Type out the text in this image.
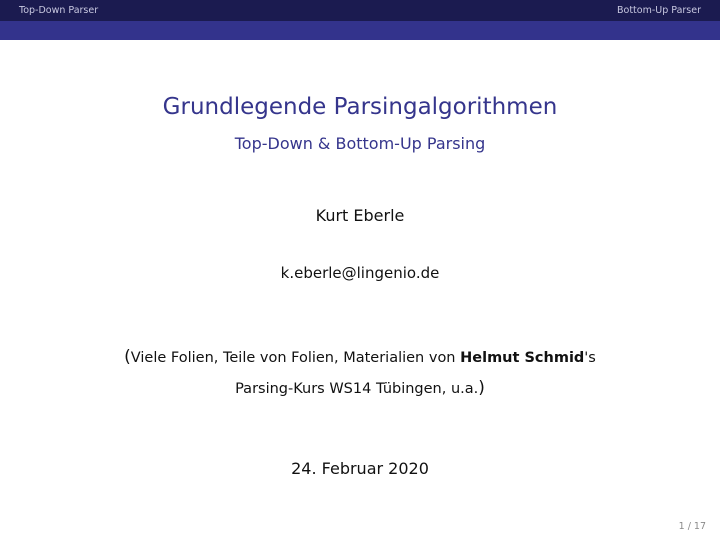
Top-Down Parser	Bottom-Up Parser
Grundlegende Parsingalgorithmen
Top-Down & Bottom-Up Parsing
Kurt Eberle
k.eberle@lingenio.de
(Viele Folien, Teile von Folien, Materialien von Helmut Schmid's
Parsing-Kurs WS14 Tübingen, u.a.)
24. Februar 2020
1 / 17
